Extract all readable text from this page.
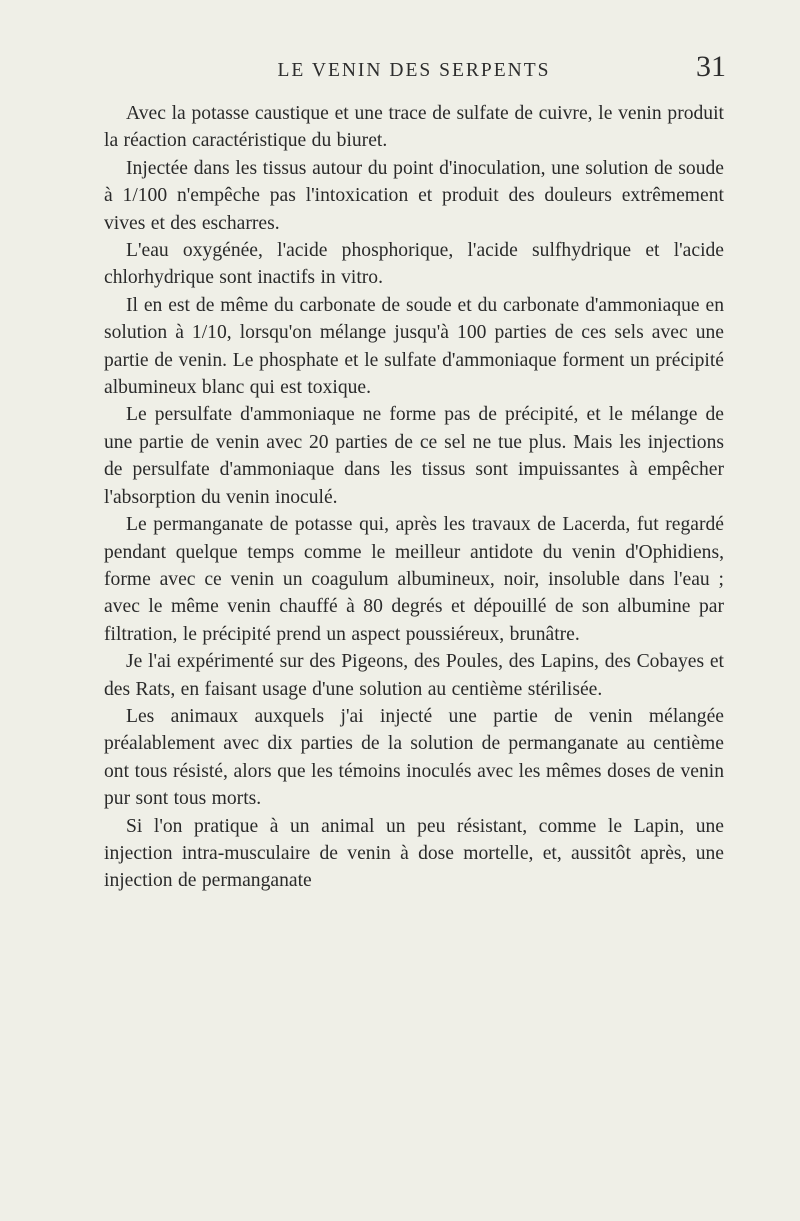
LE VENIN DES SERPENTS	31

Avec la potasse caustique et une trace de sulfate de cuivre, le venin produit la réaction caractéristique du biuret.

Injectée dans les tissus autour du point d'inoculation, une solution de soude à 1/100 n'empêche pas l'intoxication et produit des douleurs extrêmement vives et des escharres.

L'eau oxygénée, l'acide phosphorique, l'acide sulfhydrique et l'acide chlorhydrique sont inactifs in vitro.

Il en est de même du carbonate de soude et du carbonate d'ammoniaque en solution à 1/10, lorsqu'on mélange jusqu'à 100 parties de ces sels avec une partie de venin. Le phosphate et le sulfate d'ammoniaque forment un précipité albumineux blanc qui est toxique.

Le persulfate d'ammoniaque ne forme pas de précipité, et le mélange de une partie de venin avec 20 parties de ce sel ne tue plus. Mais les injections de persulfate d'ammoniaque dans les tissus sont impuissantes à empêcher l'absorption du venin inoculé.

Le permanganate de potasse qui, après les travaux de Lacerda, fut regardé pendant quelque temps comme le meilleur antidote du venin d'Ophidiens, forme avec ce venin un coagulum albumineux, noir, insoluble dans l'eau ; avec le même venin chauffé à 80 degrés et dépouillé de son albumine par filtration, le précipité prend un aspect poussiéreux, brunâtre.

Je l'ai expérimenté sur des Pigeons, des Poules, des Lapins, des Cobayes et des Rats, en faisant usage d'une solution au centième stérilisée.

Les animaux auxquels j'ai injecté une partie de venin mélangée préalablement avec dix parties de la solution de permanganate au centième ont tous résisté, alors que les témoins inoculés avec les mêmes doses de venin pur sont tous morts.

Si l'on pratique à un animal un peu résistant, comme le Lapin, une injection intra-musculaire de venin à dose mortelle, et, aussitôt après, une injection de permanganate
